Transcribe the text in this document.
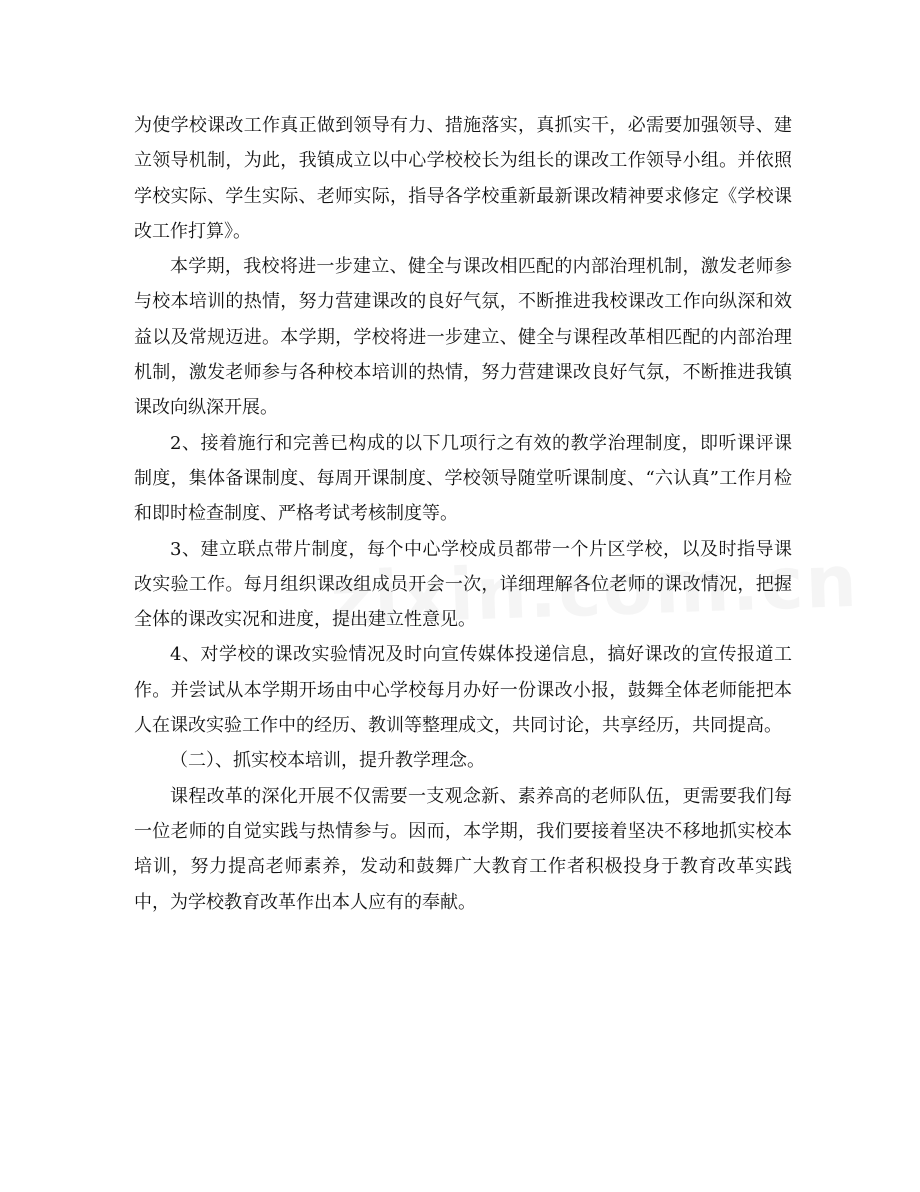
为使学校课改工作真正做到领导有力、措施落实，真抓实干，必需要加强领导、建立领导机制，为此，我镇成立以中心学校校长为组长的课改工作领导小组。并依照学校实际、学生实际、老师实际，指导各学校重新最新课改精神要求修定《学校课改工作打算》。

本学期，我校将进一步建立、健全与课改相匹配的内部治理机制，激发老师参与校本培训的热情，努力营建课改的良好气氛，不断推进我校课改工作向纵深和效益以及常规迈进。本学期，学校将进一步建立、健全与课程改革相匹配的内部治理机制，激发老师参与各种校本培训的热情，努力营建课改良好气氛，不断推进我镇课改向纵深开展。

2、接着施行和完善已构成的以下几项行之有效的教学治理制度，即听课评课制度，集体备课制度、每周开课制度、学校领导随堂听课制度、“六认真”工作月检和即时检查制度、严格考试考核制度等。

3、建立联点带片制度，每个中心学校成员都带一个片区学校，以及时指导课改实验工作。每月组织课改组成员开会一次，详细理解各位老师的课改情况，把握全体的课改实况和进度，提出建立性意见。

4、对学校的课改实验情况及时向宣传媒体投递信息，搞好课改的宣传报道工作。并尝试从本学期开场由中心学校每月办好一份课改小报，鼓舞全体老师能把本人在课改实验工作中的经历、教训等整理成文，共同讨论，共享经历，共同提高。

（二）、抓实校本培训，提升教学理念。

课程改革的深化开展不仅需要一支观念新、素养高的老师队伍，更需要我们每一位老师的自觉实践与热情参与。因而，本学期，我们要接着坚决不移地抓实校本培训，努力提高老师素养，发动和鼓舞广大教育工作者积极投身于教育改革实践中，为学校教育改革作出本人应有的奉献。
